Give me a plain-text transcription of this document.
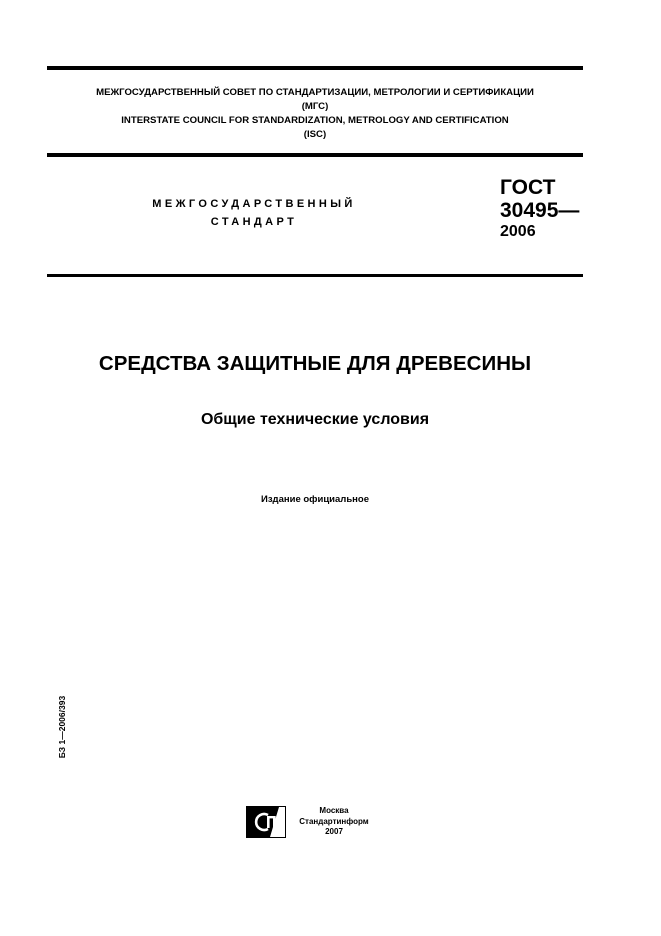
МЕЖГОСУДАРСТВЕННЫЙ СОВЕТ ПО СТАНДАРТИЗАЦИИ, МЕТРОЛОГИИ И СЕРТИФИКАЦИИ
(МГС)
INTERSTATE COUNCIL FOR STANDARDIZATION, METROLOGY AND CERTIFICATION
(ISC)
МЕЖГОСУДАРСТВЕННЫЙ
СТАНДАРТ
ГОСТ
30495—
2006
СРЕДСТВА ЗАЩИТНЫЕ ДЛЯ ДРЕВЕСИНЫ
Общие технические условия
Издание официальное
БЗ 1—2006/393
Москва
Стандартинформ
2007
